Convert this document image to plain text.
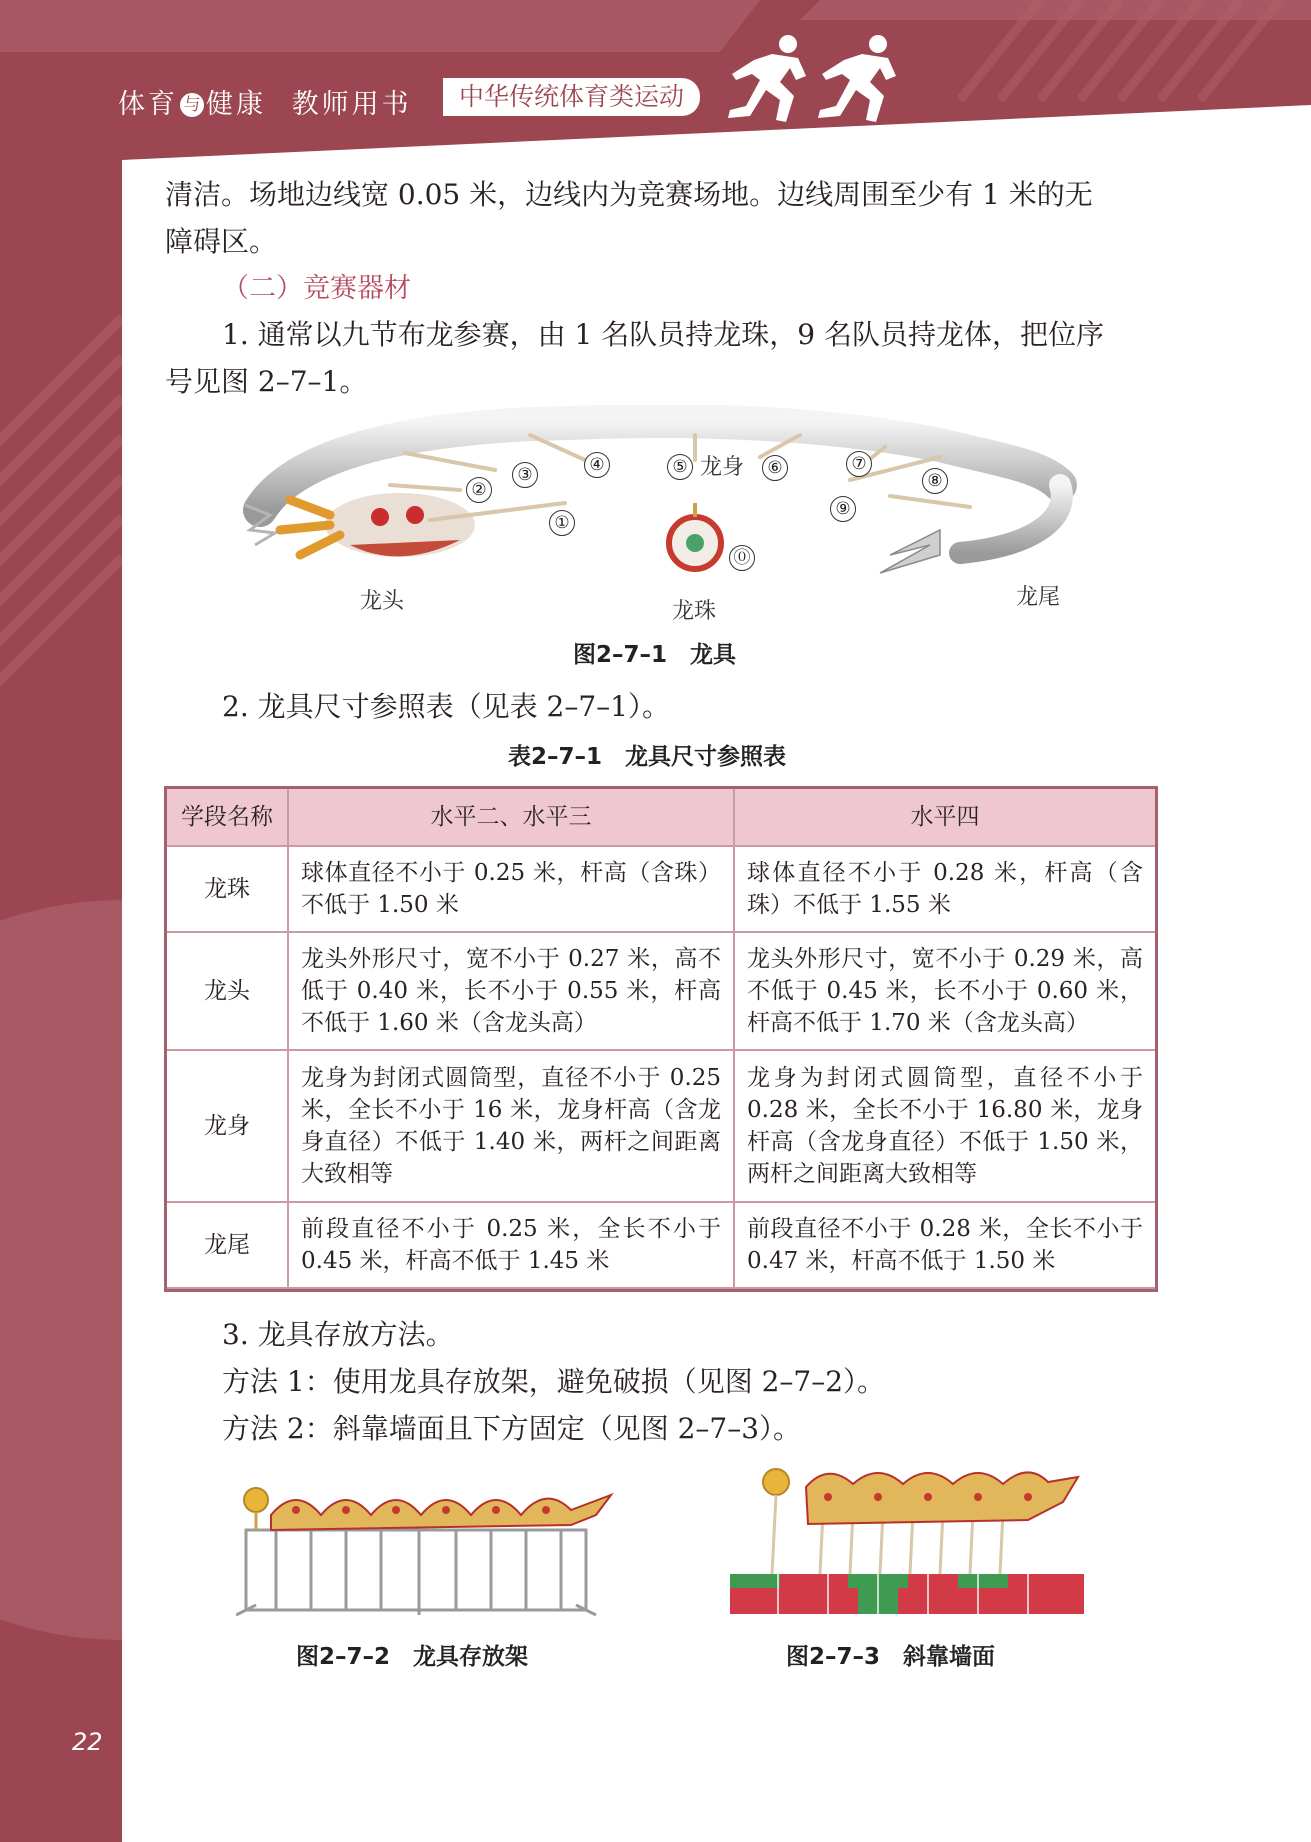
体育 与 健康 教师用书	中华传统体育类运动
22
清洁。场地边线宽 0.05 米，边线内为竞赛场地。边线周围至少有 1 米的无
障碍区。
（二）竞赛器材
1. 通常以九节布龙参赛，由 1 名队员持龙珠，9 名队员持龙体，把位序
号见图 2–7–1。
①
②
③	④	⑤ 龙身	⑥	⑦
⑧
⑨
⓪
龙头	龙珠
龙尾
图2–7–1　龙具
2. 龙具尺寸参照表（见表 2–7–1）。
表2–7–1　龙具尺寸参照表
学段名称	水平二、水平三	水平四
龙珠	球体直径不小于 0.25 米，杆高（含珠）不低于 1.50 米	球体直径不小于 0.28 米，杆高（含珠）不低于 1.55 米
龙头	龙头外形尺寸，宽不小于 0.27 米，高不低于 0.40 米，长不小于 0.55 米，杆高不低于 1.60 米（含龙头高）	龙头外形尺寸，宽不小于 0.29 米，高不低于 0.45 米，长不小于 0.60 米，杆高不低于 1.70 米（含龙头高）
龙身	龙身为封闭式圆筒型，直径不小于 0.25 米，全长不小于 16 米，龙身杆高（含龙身直径）不低于 1.40 米，两杆之间距离大致相等	龙身为封闭式圆筒型，直径不小于 0.28 米，全长不小于 16.80 米，龙身杆高（含龙身直径）不低于 1.50 米，两杆之间距离大致相等
龙尾	前段直径不小于 0.25 米，全长不小于 0.45 米，杆高不低于 1.45 米	前段直径不小于 0.28 米，全长不小于 0.47 米，杆高不低于 1.50 米
3. 龙具存放方法。
方法 1：使用龙具存放架，避免破损（见图 2–7–2）。
方法 2：斜靠墙面且下方固定（见图 2–7–3）。
图2–7–2　龙具存放架	图2–7–3　斜靠墙面
